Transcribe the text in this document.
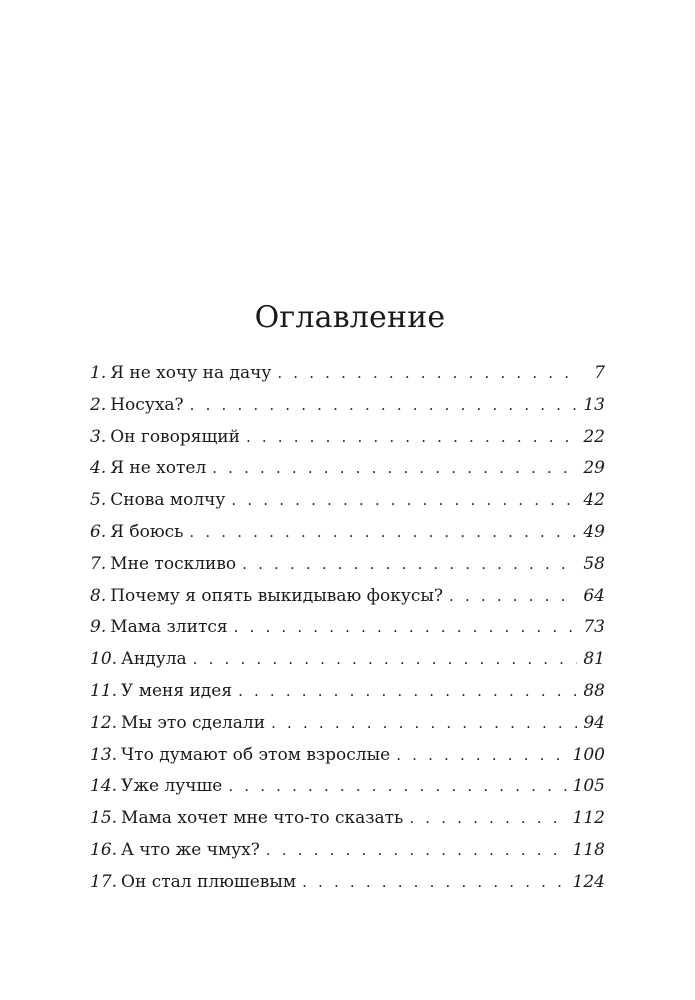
Оглавление
1. Я не хочу на дачу . . .	7
2. Носуха? . . .	13
3. Он говорящий . . .	22
4. Я не хотел . . .	29
5. Снова молчу . . .	42
6. Я боюсь . . .	49
7. Мне тоскливо . . .	58
8. Почему я опять выкидываю фокусы? . . .	64
9. Мама злится . . .	73
10. Андула . . .	81
11. У меня идея . . .	88
12. Мы это сделали . . .	94
13. Что думают об этом взрослые . . .	100
14. Уже лучше . . .	105
15. Мама хочет мне что-то сказать . . .	112
16. А что же чмух? . . .	118
17. Он стал плюшевым . . .	124
